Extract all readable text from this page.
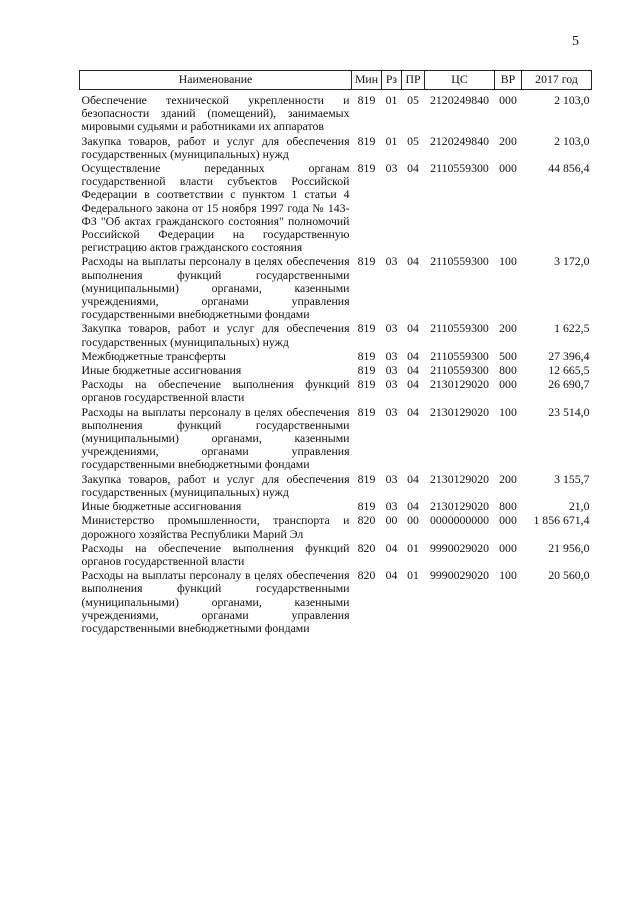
5
Наименование	Мин	Рз	ПР	ЦС	ВР	2017 год
Обеспечение технической укрепленности и безопасности зданий (помещений), занимаемых мировыми судьями и работниками их аппаратов	819	01	05	2120249840	000	2 103,0
Закупка товаров, работ и услуг для обеспечения государственных (муниципальных) нужд	819	01	05	2120249840	200	2 103,0
Осуществление переданных органам государственной власти субъектов Российской Федерации в соответствии с пунктом 1 статьи 4 Федерального закона от 15 ноября 1997 года № 143-ФЗ "Об актах гражданского состояния" полномочий Российской Федерации на государственную регистрацию актов гражданского состояния	819	03	04	2110559300	000	44 856,4
Расходы на выплаты персоналу в целях обеспечения выполнения функций государственными (муниципальными) органами, казенными учреждениями, органами управления государственными внебюджетными фондами	819	03	04	2110559300	100	3 172,0
Закупка товаров, работ и услуг для обеспечения государственных (муниципальных) нужд	819	03	04	2110559300	200	1 622,5
Межбюджетные трансферты	819	03	04	2110559300	500	27 396,4
Иные бюджетные ассигнования	819	03	04	2110559300	800	12 665,5
Расходы на обеспечение выполнения функций органов государственной власти	819	03	04	2130129020	000	26 690,7
Расходы на выплаты персоналу в целях обеспечения выполнения функций государственными (муниципальными) органами, казенными учреждениями, органами управления государственными внебюджетными фондами	819	03	04	2130129020	100	23 514,0
Закупка товаров, работ и услуг для обеспечения государственных (муниципальных) нужд	819	03	04	2130129020	200	3 155,7
Иные бюджетные ассигнования	819	03	04	2130129020	800	21,0
Министерство промышленности, транспорта и дорожного хозяйства Республики Марий Эл	820	00	00	0000000000	000	1 856 671,4
Расходы на обеспечение выполнения функций органов государственной власти	820	04	01	9990029020	000	21 956,0
Расходы на выплаты персоналу в целях обеспечения выполнения функций государственными (муниципальными) органами, казенными учреждениями, органами управления государственными внебюджетными фондами	820	04	01	9990029020	100	20 560,0
